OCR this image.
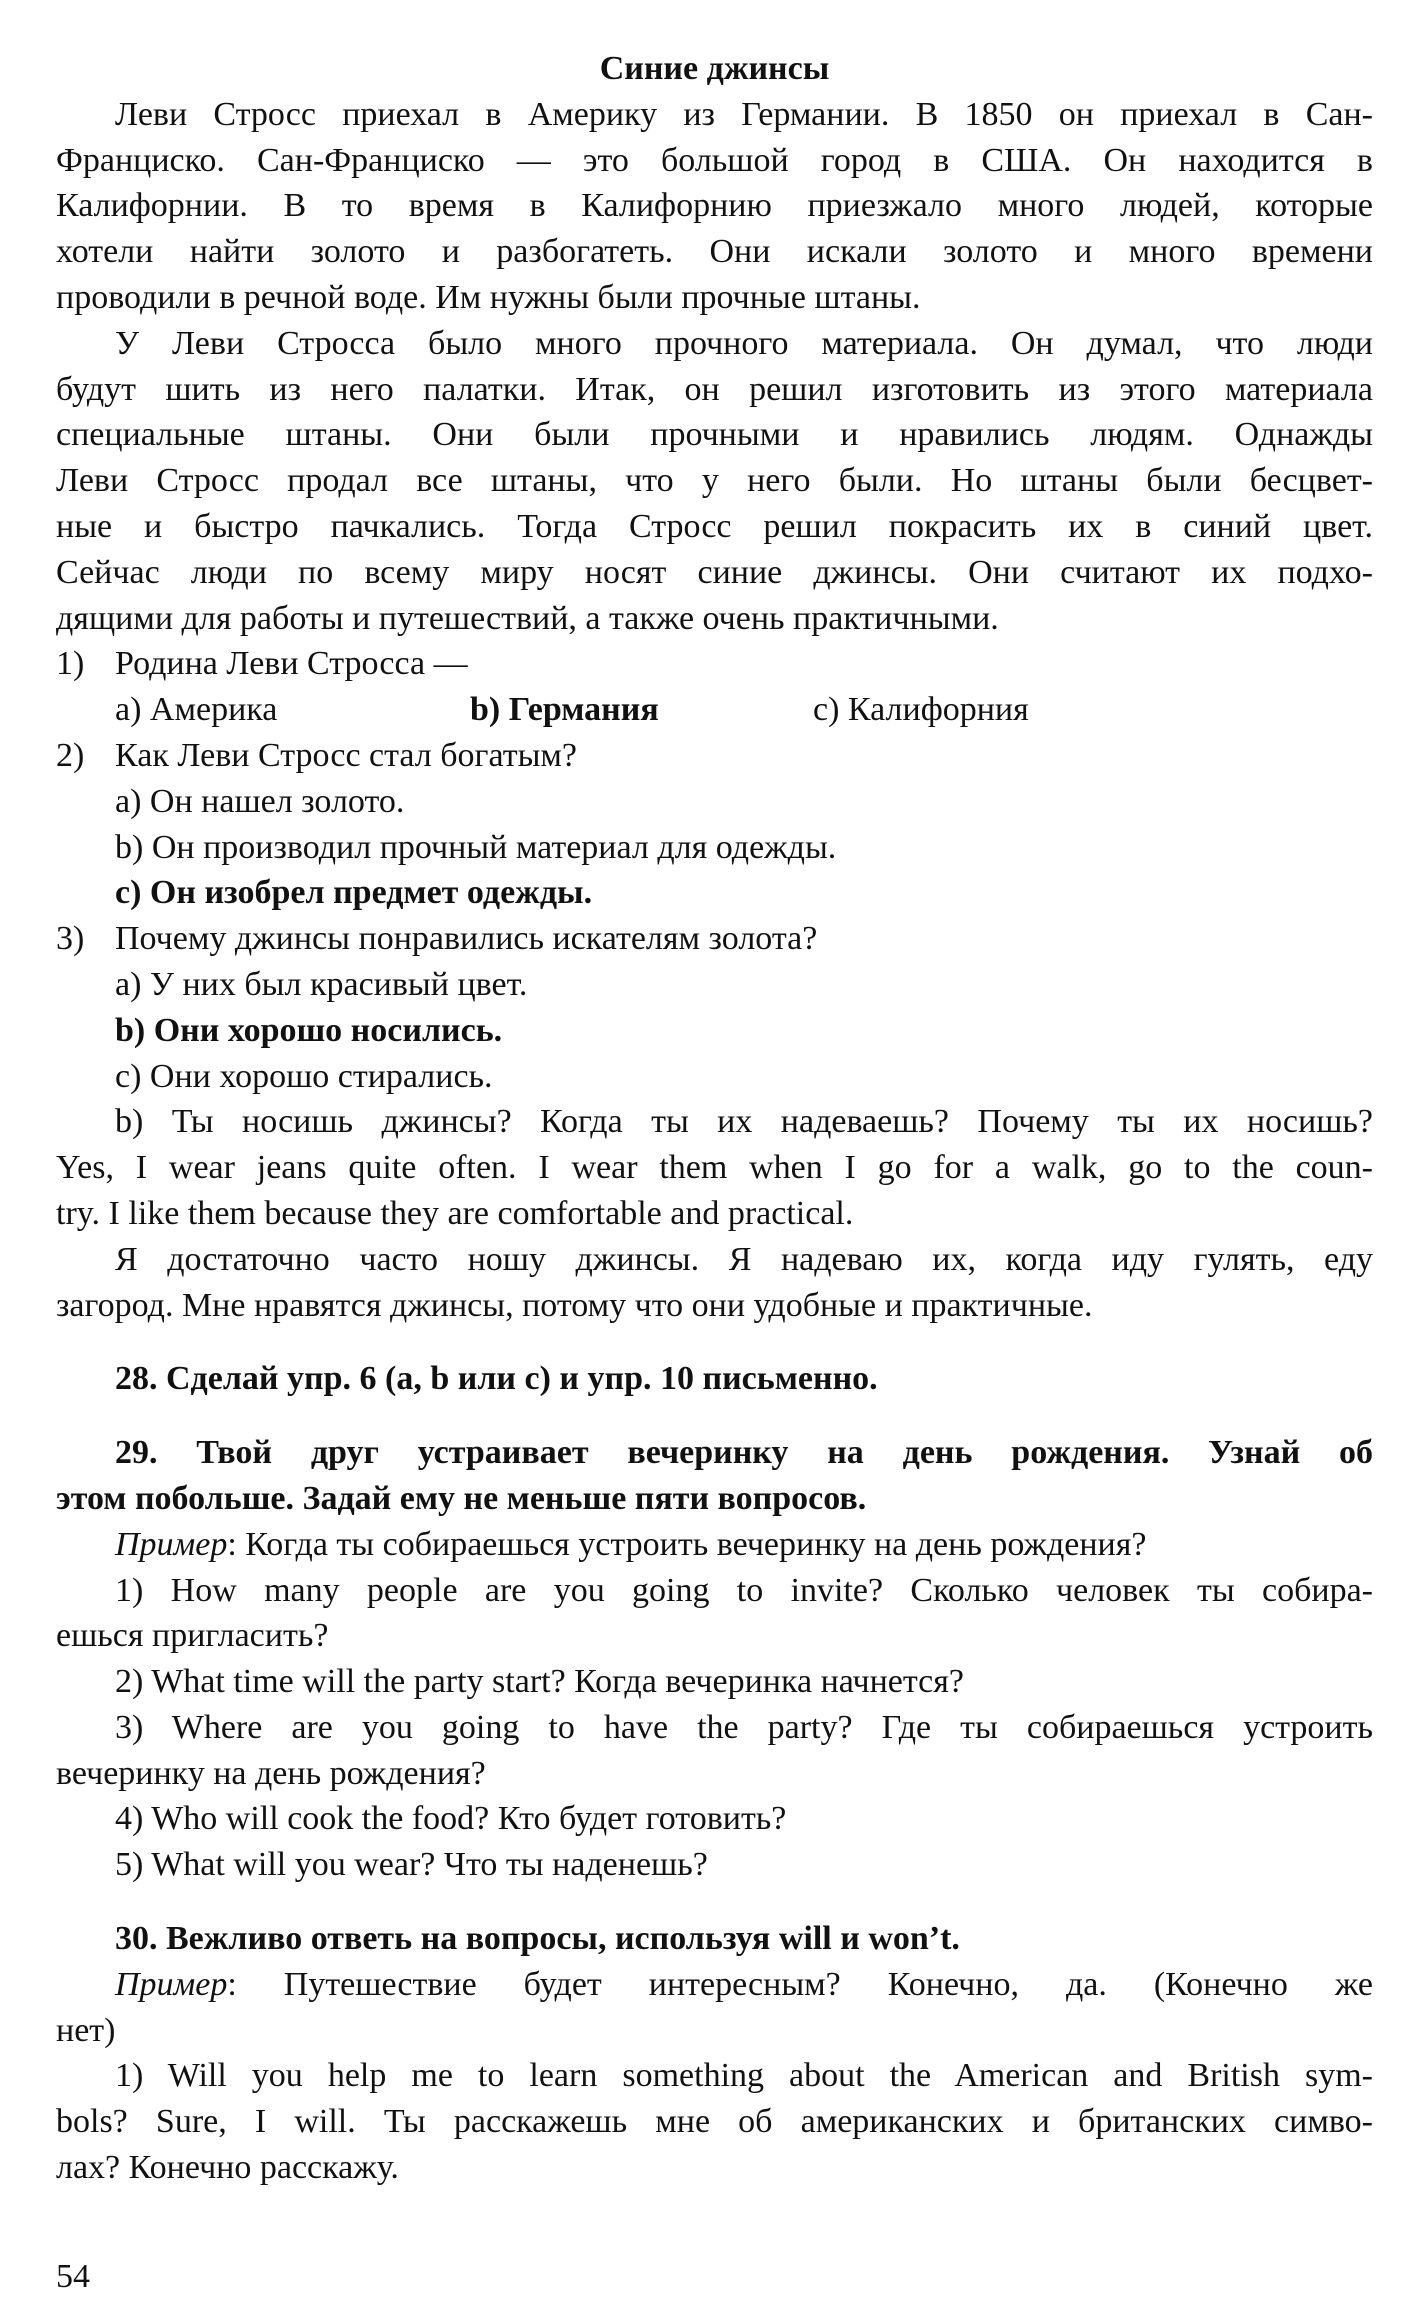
Синие джинсы
Леви Стросс приехал в Америку из Германии. В 1850 он приехал в Сан-
Франциско. Сан-Франциско — это большой город в США. Он находится в
Калифорнии. В то время в Калифорнию приезжало много людей, которые
хотели найти золото и разбогатеть. Они искали золото и много времени
проводили в речной воде. Им нужны были прочные штаны.
У Леви Стросса было много прочного материала. Он думал, что люди
будут шить из него палатки. Итак, он решил изготовить из этого материала
специальные штаны. Они были прочными и нравились людям. Однажды
Леви Стросс продал все штаны, что у него были. Но штаны были бесцвет-
ные и быстро пачкались. Тогда Стросс решил покрасить их в синий цвет.
Сейчас люди по всему миру носят синие джинсы. Они считают их подхо-
дящими для работы и путешествий, а также очень практичными.
1) Родина Леви Стросса —
a) Америка	b) Германия	c) Калифорния
2) Как Леви Стросс стал богатым?
a) Он нашел золото.
b) Он производил прочный материал для одежды.
c) Он изобрел предмет одежды.
3) Почему джинсы понравились искателям золота?
a) У них был красивый цвет.
b) Они хорошо носились.
c) Они хорошо стирались.
b) Ты носишь джинсы? Когда ты их надеваешь? Почему ты их носишь?
Yes, I wear jeans quite often. I wear them when I go for a walk, go to the coun-
try. I like them because they are comfortable and practical.
Я достаточно часто ношу джинсы. Я надеваю их, когда иду гулять, еду
загород. Мне нравятся джинсы, потому что они удобные и практичные.
28. Сделай упр. 6 (a, b или c) и упр. 10 письменно.
29. Твой друг устраивает вечеринку на день рождения. Узнай об
этом побольше. Задай ему не меньше пяти вопросов.
Пример: Когда ты собираешься устроить вечеринку на день рождения?
1) How many people are you going to invite? Сколько человек ты собира-
ешься пригласить?
2) What time will the party start? Когда вечеринка начнется?
3) Where are you going to have the party? Где ты собираешься устроить
вечеринку на день рождения?
4) Who will cook the food? Кто будет готовить?
5) What will you wear? Что ты наденешь?
30. Вежливо ответь на вопросы, используя will и won’t.
Пример: Путешествие будет интересным? Конечно, да. (Конечно же
нет)
1) Will you help me to learn something about the American and British sym-
bols? Sure, I will. Ты расскажешь мне об американских и британских симво-
лах? Конечно расскажу.
54
